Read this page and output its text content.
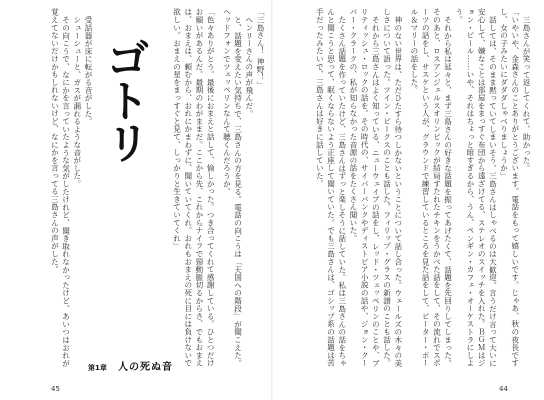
「三島さん！ 神野！」

ヘンリーさんの声が飛んだ。

と、話題を変えたい気持ちで、三島さんの方を見る。電話の向こうは「天国への階段」が聞こえた。ヘッドフォンでツェッペリンなんて聴くんだろうか。

「色々ありがとう。最後におまえと話して、愉しかった。つき合ってくれて感謝している。ひとつだけお願いがあるんだ。最期のわがままだ。ここから先、これからナイフで頸動脈切るからさ、でもおまえは、おまえは、頼むから、おれにかまわずに、聞いていてくれ。おれもおまえの死に目には負けないで欲しい。おまえの星をまっすぐと見て、しっかりと生きていてくれ」

ゴトリ

受話器が床に転がる音がした。

シューシューと、ガスが漏れるような音がした。

その向こうで、なにかを言っていたような気がしたけれど、聞き取れなかったけど、あいつはおれが覚えてないだけかもしれないけど、なにかを言ってる三島さんの声がした。

第1章 人の死ぬ音
45

三島さんが笑って返してくれて、助かった。

「いやいや、金森さんのことありがとうございます。電話をもって嬉しいです。じゃあ、秋の夜長ですし、女の子みたいにダダダしゃべりましょうか」

話しては、そのまま黙っていてしまいそう。三島さんはしゃべるのは大歓迎。言うだけ言って大いに安心して、嫌なことは部屋をまっすぐ布団から遠ざけてる、ステレオのスイッチを入れた。ＢＧＭはジョン・ピール……いや、それはちょっと暗すぎるから、うん、ペンギン・カフェ・オーケストラにしよう。

それから私は延々と、まず三島さんの好きな話題を振ってあげたくて、話題を先回りしてしまった。そのあと、ロスアンジェルスオリンピックが結局すたれたチキンをうかべた話をして、その流れでスポーツの話をし、サスケという人が、グラウンドで練習しているところを見た話をして、ピーター・ポール＆マリーの話をした。

神のない世界は、ただひたすら待つしかないということについて話し合った。ウェールズの木々の美しさについて語った。ツイン・ピークスのことも話した。フィリップ・グラスの新譜のことも話した。

それから三島さんはよく知っている、ニューウェイブの話をし、レッド・ツェッペリンのことや、ブリティッシュ・ロックの話を。その時代の、サイパーパンクやディストピア小説の話や、ジョン・クーパー・クラークの、私が知らなかった音源の話をたくさん聞いた。

たくさん話題を作っていたけど、三島さんはずっと楽しそうに話していた。私は三島さんの話をちゃんと聞こうと思って、眠くならないよう正座して聞いていた。でも三島さんは、ゴシップ系の話題は苦手だったみたいで、三島さんは好きに話していた。

44
